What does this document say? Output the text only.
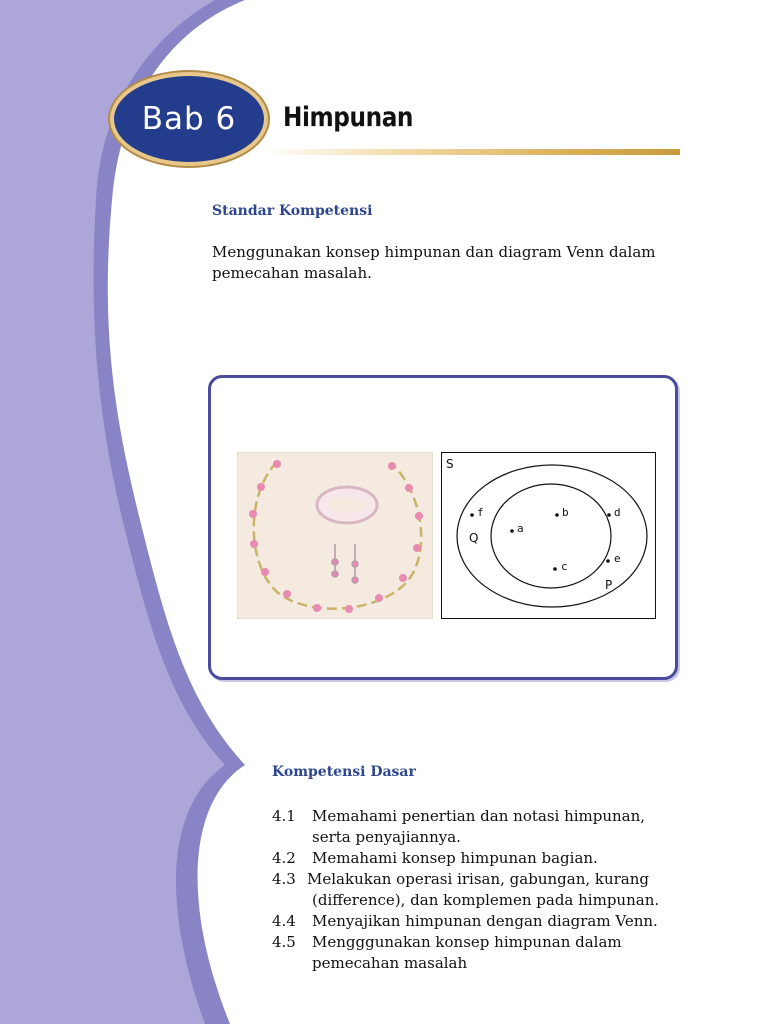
Bab 6 Himpunan
Standar Kompetensi
Menggunakan konsep himpunan dan diagram Venn dalam
pemecahan masalah.
S
Q
P
f
a
b	d
e
c
Kompetensi Dasar
4.1	Memahami penertian dan notasi himpunan,
serta penyajiannya.
4.2	Memahami konsep himpunan bagian.
4.3 Melakukan operasi irisan, gabungan, kurang
(difference), dan komplemen pada himpunan.
4.4	Menyajikan himpunan dengan diagram Venn.
4.5	Mengggunakan konsep himpunan dalam
pemecahan masalah
